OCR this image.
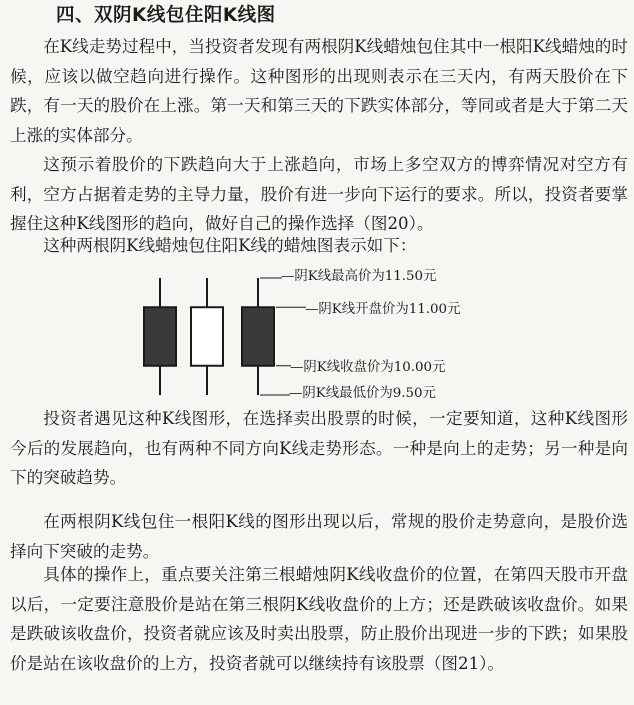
四、双阴K线包住阳K线图

在K线走势过程中，当投资者发现有两根阴K线蜡烛包住其中一根阳K线蜡烛的时候，应该以做空趋向进行操作。这种图形的出现则表示在三天内，有两天股价在下跌，有一天的股价在上涨。第一天和第三天的下跌实体部分，等同或者是大于第二天上涨的实体部分。

这预示着股价的下跌趋向大于上涨趋向，市场上多空双方的博弈情况对空方有利，空方占据着走势的主导力量，股价有进一步向下运行的要求。所以，投资者要掌握住这种K线图形的趋向，做好自己的操作选择（图20）。

这种两根阴K线蜡烛包住阳K线的蜡烛图表示如下：

—阴K线最高价为11.50元
—阴K线开盘价为11.00元
—阴K线收盘价为10.00元
—阴K线最低价为9.50元

投资者遇见这种K线图形，在选择卖出股票的时候，一定要知道，这种K线图形今后的发展趋向，也有两种不同方向K线走势形态。一种是向上的走势；另一种是向下的突破趋势。

在两根阴K线包住一根阳K线的图形出现以后，常规的股价走势意向，是股价选择向下突破的走势。

具体的操作上，重点要关注第三根蜡烛阴K线收盘价的位置，在第四天股市开盘以后，一定要注意股价是站在第三根阴K线收盘价的上方；还是跌破该收盘价。如果是跌破该收盘价，投资者就应该及时卖出股票，防止股价出现进一步的下跌；如果股价是站在该收盘价的上方，投资者就可以继续持有该股票（图21）。
